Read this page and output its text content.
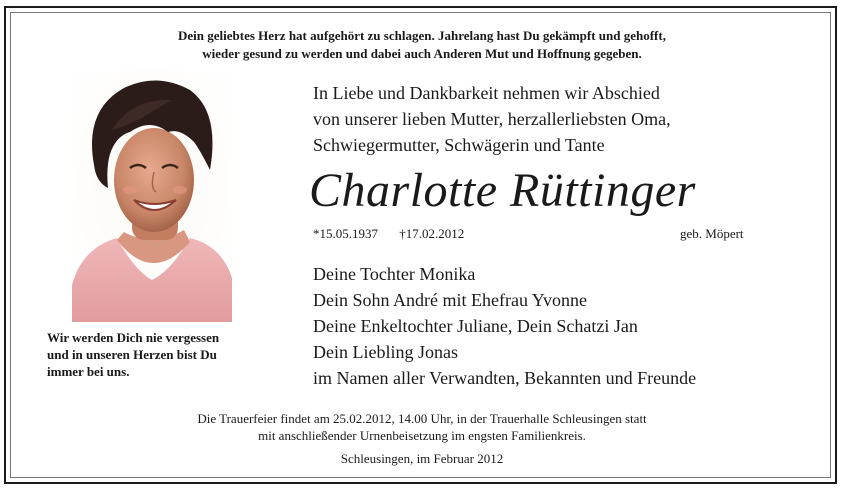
Dein geliebtes Herz hat aufgehört zu schlagen. Jahrelang hast Du gekämpft und gehofft,
wieder gesund zu werden und dabei auch Anderen Mut und Hoffnung gegeben.
Wir werden Dich nie vergessen
und in unseren Herzen bist Du
immer bei uns.
In Liebe und Dankbarkeit nehmen wir Abschied
von unserer lieben Mutter, herzallerliebsten Oma,
Schwiegermutter, Schwägerin und Tante
Charlotte Rüttinger
*15.05.1937 †17.02.2012	geb. Möpert
Deine Tochter Monika
Dein Sohn André mit Ehefrau Yvonne
Deine Enkeltochter Juliane, Dein Schatzi Jan
Dein Liebling Jonas
im Namen aller Verwandten, Bekannten und Freunde
Die Trauerfeier findet am 25.02.2012, 14.00 Uhr, in der Trauerhalle Schleusingen statt
mit anschließender Urnenbeisetzung im engsten Familienkreis.
Schleusingen, im Februar 2012
